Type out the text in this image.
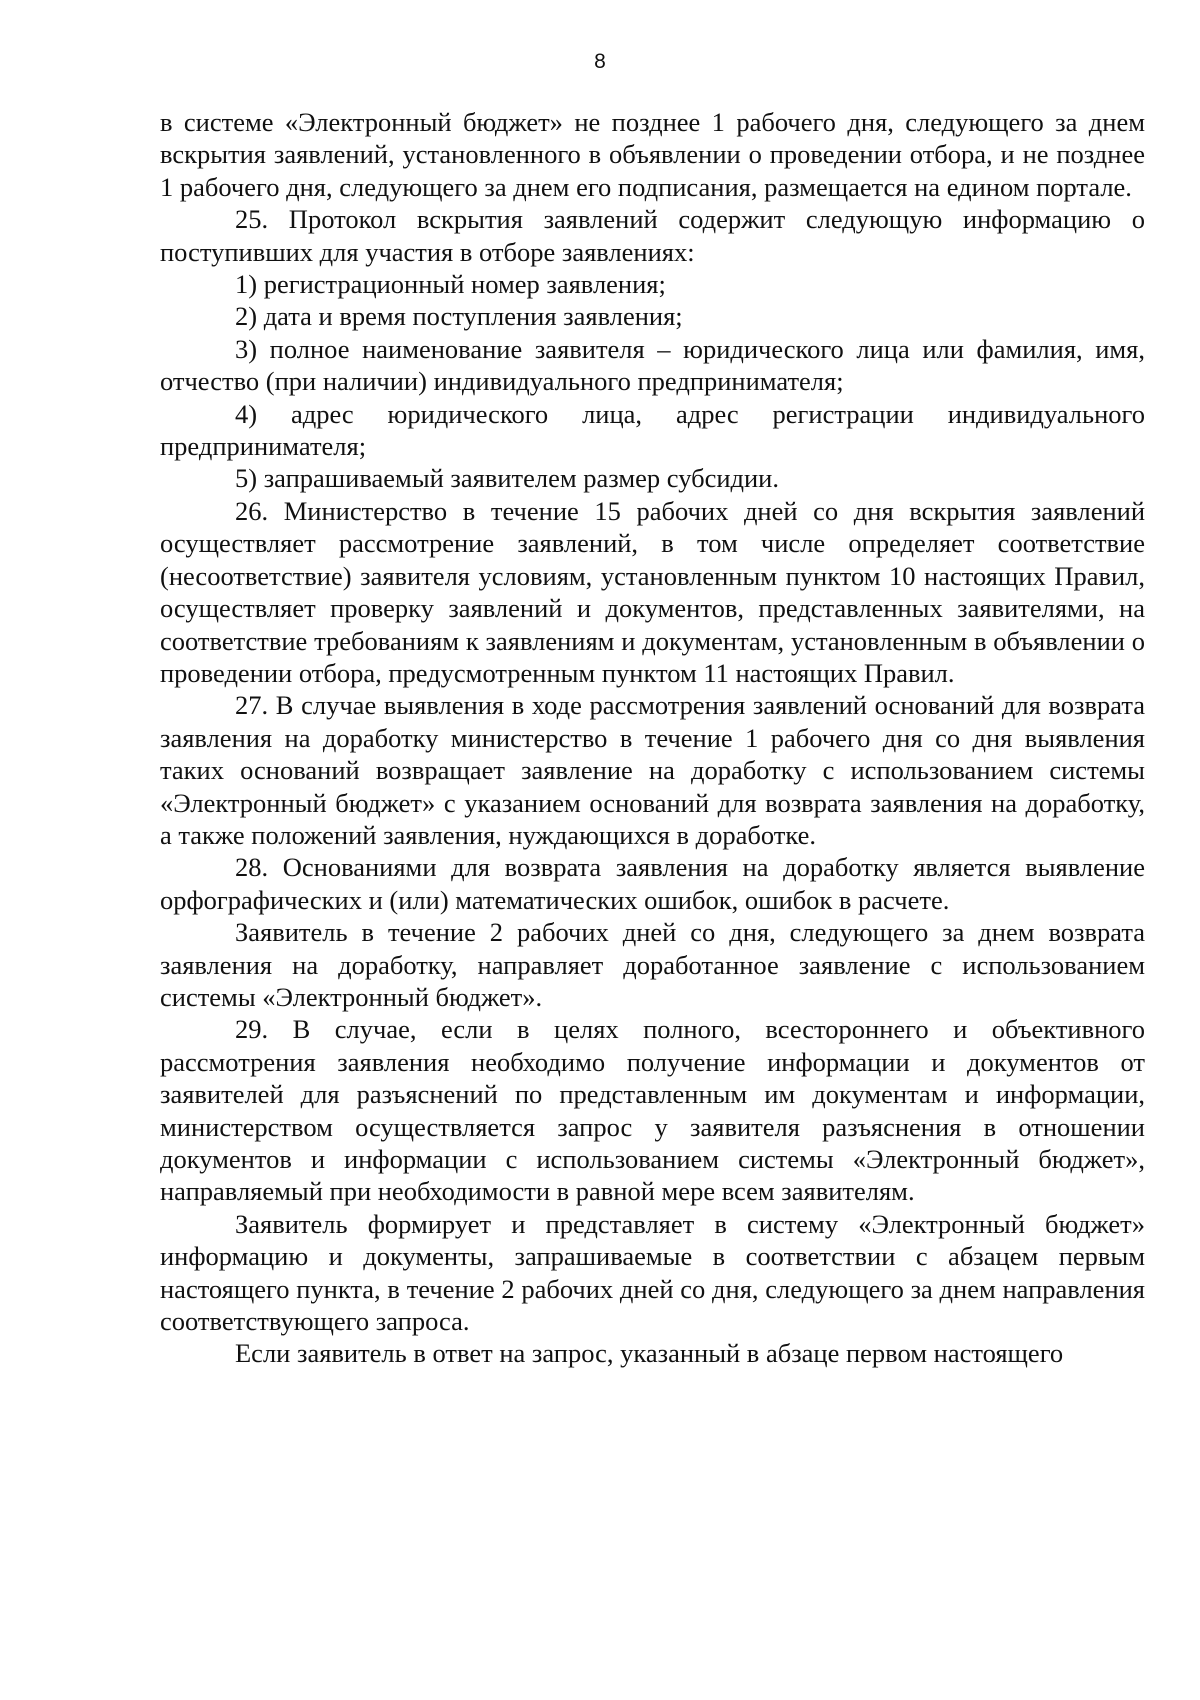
8

в системе «Электронный бюджет» не позднее 1 рабочего дня, следующего за днем вскрытия заявлений, установленного в объявлении о проведении отбора, и не позднее 1 рабочего дня, следующего за днем его подписания, размещается на едином портале.

25. Протокол вскрытия заявлений содержит следующую информацию о поступивших для участия в отборе заявлениях:

1) регистрационный номер заявления;

2) дата и время поступления заявления;

3) полное наименование заявителя – юридического лица или фамилия, имя, отчество (при наличии) индивидуального предпринимателя;

4) адрес юридического лица, адрес регистрации индивидуального предпринимателя;

5) запрашиваемый заявителем размер субсидии.

26. Министерство в течение 15 рабочих дней со дня вскрытия заявлений осуществляет рассмотрение заявлений, в том числе определяет соответствие (несоответствие) заявителя условиям, установленным пунктом 10 настоящих Правил, осуществляет проверку заявлений и документов, представленных заявителями, на соответствие требованиям к заявлениям и документам, установленным в объявлении о проведении отбора, предусмотренным пунктом 11 настоящих Правил.

27. В случае выявления в ходе рассмотрения заявлений оснований для возврата заявления на доработку министерство в течение 1 рабочего дня со дня выявления таких оснований возвращает заявление на доработку с использованием системы «Электронный бюджет» с указанием оснований для возврата заявления на доработку, а также положений заявления, нуждающихся в доработке.

28. Основаниями для возврата заявления на доработку является выявление орфографических и (или) математических ошибок, ошибок в расчете.

Заявитель в течение 2 рабочих дней со дня, следующего за днем возврата заявления на доработку, направляет доработанное заявление с использованием системы «Электронный бюджет».

29. В случае, если в целях полного, всестороннего и объективного рассмотрения заявления необходимо получение информации и документов от заявителей для разъяснений по представленным им документам и информации, министерством осуществляется запрос у заявителя разъяснения в отношении документов и информации с использованием системы «Электронный бюджет», направляемый при необходимости в равной мере всем заявителям.

Заявитель формирует и представляет в систему «Электронный бюджет» информацию и документы, запрашиваемые в соответствии с абзацем первым настоящего пункта, в течение 2 рабочих дней со дня, следующего за днем направления соответствующего запроса.

Если заявитель в ответ на запрос, указанный в абзаце первом настоящего
